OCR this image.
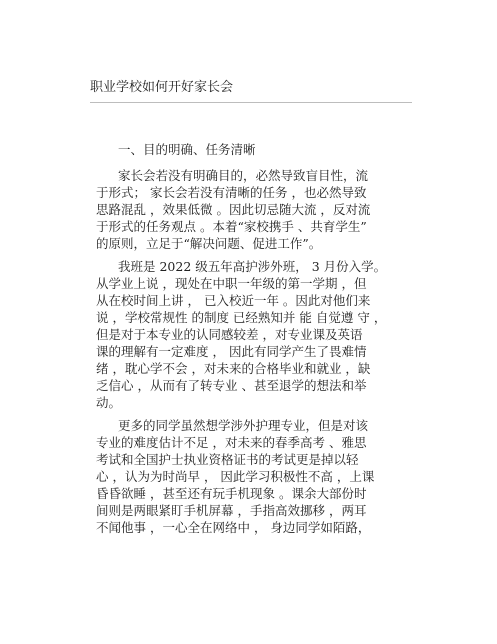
职业学校如何开好家长会
一、目的明确、任务清晰
家长会若没有明确目的，必然导致盲目性，流
于形式； 家长会若没有清晰的任务 ，也必然导致
思路混乱 ，效果低微 。因此切忌随大流 ，反对流
于形式的任务观点 。本着“家校携手 、共育学生”
的原则，立足于“解决问题、促进工作”。
我班是 2022 级五年高护涉外班， 3 月份入学。
从学业上说 ，现处在中职一年级的第一学期 ，但
从在校时间上讲 ， 已入校近一年 。因此对他们来
说 ，学校常规性 的制度 已经熟知并 能 自觉遵 守 ，
但是对于本专业的认同感较差 ，对专业课及英语
课的理解有一定难度 ， 因此有同学产生了畏难情
绪 ，耽心学不会 ，对未来的合格毕业和就业 ，缺
乏信心 ，从而有了转专业 、甚至退学的想法和举
动。
更多的同学虽然想学涉外护理专业，但是对该
专业的难度估计不足 ，对未来的春季高考 、雅思
考试和全国护士执业资格证书的考试更是掉以轻
心 ，认为为时尚早 ， 因此学习积极性不高 ，上课
昏昏欲睡 ，甚至还有玩手机现象 。课余大部份时
间则是两眼紧盯手机屏幕 ，手指高效挪移 ，两耳
不闻他事 ，一心全在网络中 ， 身边同学如陌路，
